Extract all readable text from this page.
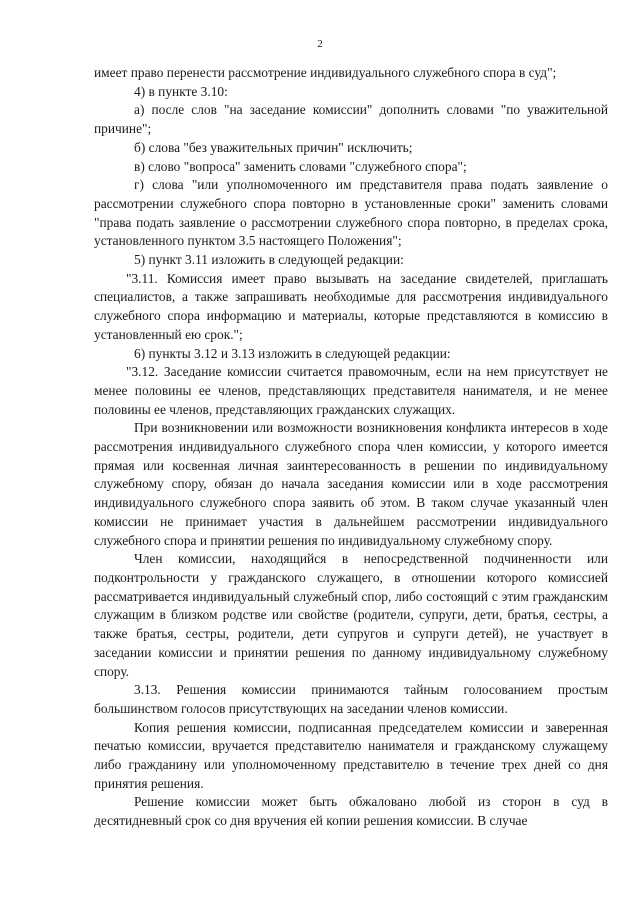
2

имеет право перенести рассмотрение индивидуального служебного спора в суд";

4) в пункте 3.10:

а) после слов "на заседание комиссии" дополнить словами "по уважительной причине";

б) слова "без уважительных причин" исключить;

в) слово "вопроса" заменить словами "служебного спора";

г) слова "или уполномоченного им представителя права подать заявление о рассмотрении служебного спора повторно в установленные сроки" заменить словами "права подать заявление о рассмотрении служебного спора повторно, в пределах срока, установленного пунктом 3.5 настоящего Положения";

5) пункт 3.11 изложить в следующей редакции:

"3.11. Комиссия имеет право вызывать на заседание свидетелей, приглашать специалистов, а также запрашивать необходимые для рассмотрения индивидуального служебного спора информацию и материалы, которые представляются в комиссию в установленный ею срок.";

6) пункты 3.12 и 3.13 изложить в следующей редакции:

"3.12. Заседание комиссии считается правомочным, если на нем присутствует не менее половины ее членов, представляющих представителя нанимателя, и не менее половины ее членов, представляющих гражданских служащих.

При возникновении или возможности возникновения конфликта интересов в ходе рассмотрения индивидуального служебного спора член комиссии, у которого имеется прямая или косвенная личная заинтересованность в решении по индивидуальному служебному спору, обязан до начала заседания комиссии или в ходе рассмотрения индивидуального служебного спора заявить об этом. В таком случае указанный член комиссии не принимает участия в дальнейшем рассмотрении индивидуального служебного спора и принятии решения по индивидуальному служебному спору.

Член комиссии, находящийся в непосредственной подчиненности или подконтрольности у гражданского служащего, в отношении которого комиссией рассматривается индивидуальный служебный спор, либо состоящий с этим гражданским служащим в близком родстве или свойстве (родители, супруги, дети, братья, сестры, а также братья, сестры, родители, дети супругов и супруги детей), не участвует в заседании комиссии и принятии решения по данному индивидуальному служебному спору.

3.13. Решения комиссии принимаются тайным голосованием простым большинством голосов присутствующих на заседании членов комиссии.

Копия решения комиссии, подписанная председателем комиссии и заверенная печатью комиссии, вручается представителю нанимателя и гражданскому служащему либо гражданину или уполномоченному представителю в течение трех дней со дня принятия решения.

Решение комиссии может быть обжаловано любой из сторон в суд в десятидневный срок со дня вручения ей копии решения комиссии. В случае
